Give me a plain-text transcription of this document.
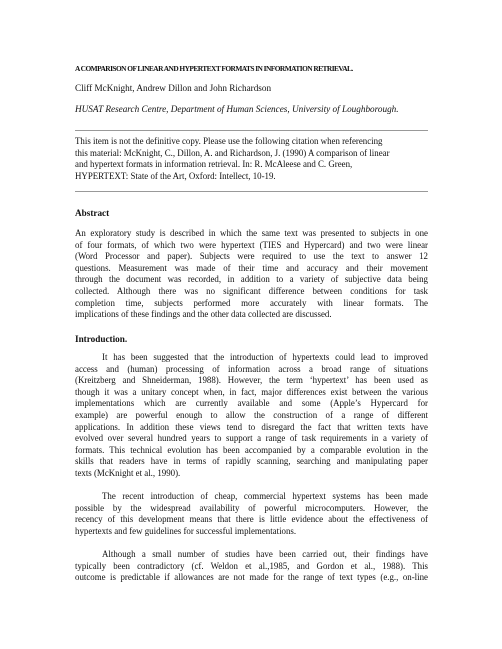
A COMPARISON OF LINEAR AND HYPERTEXT FORMATS IN INFORMATION RETRIEVAL.
Cliff McKnight, Andrew Dillon and John Richardson
HUSAT Research Centre, Department of Human Sciences, University of Loughborough.
This item is not the definitive copy. Please use the following citation when referencing
this material: McKnight, C., Dillon, A. and Richardson, J. (1990) A comparison of linear
and hypertext formats in information retrieval. In: R. McAleese and C. Green,
HYPERTEXT: State of the Art, Oxford: Intellect, 10-19.
Abstract
An exploratory study is described in which the same text was presented to subjects in one
of four formats, of which two were hypertext (TIES and Hypercard) and two were linear
(Word Processor and paper). Subjects were required to use the text to answer 12
questions. Measurement was made of their time and accuracy and their movement
through the document was recorded, in addition to a variety of subjective data being
collected. Although there was no significant difference between conditions for task
completion time, subjects performed more accurately with linear formats. The
implications of these findings and the other data collected are discussed.
Introduction.
It has been suggested that the introduction of hypertexts could lead to improved
access and (human) processing of information across a broad range of situations
(Kreitzberg and Shneiderman, 1988). However, the term ‘hypertext’ has been used as
though it was a unitary concept when, in fact, major differences exist between the various
implementations which are currently available and some (Apple’s Hypercard for
example) are powerful enough to allow the construction of a range of different
applications. In addition these views tend to disregard the fact that written texts have
evolved over several hundred years to support a range of task requirements in a variety of
formats. This technical evolution has been accompanied by a comparable evolution in the
skills that readers have in terms of rapidly scanning, searching and manipulating paper
texts (McKnight et al., 1990).
The recent introduction of cheap, commercial hypertext systems has been made
possible by the widespread availability of powerful microcomputers. However, the
recency of this development means that there is little evidence about the effectiveness of
hypertexts and few guidelines for successful implementations.
Although a small number of studies have been carried out, their findings have
typically been contradictory (cf. Weldon et al.,1985, and Gordon et al., 1988). This
outcome is predictable if allowances are not made for the range of text types (e.g., on-line
